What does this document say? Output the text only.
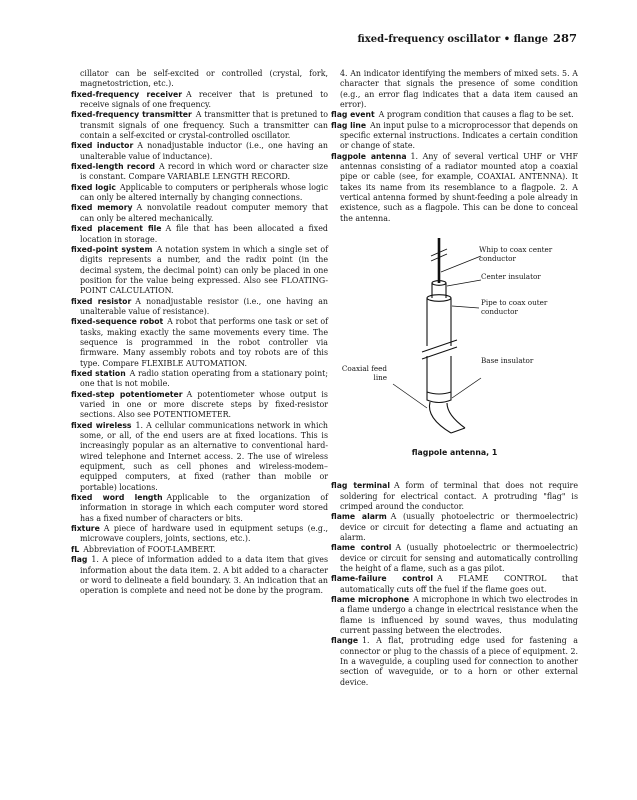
fixed-frequency oscillator • flange 287

cillator can be self-excited or controlled (crystal, fork, magnetostriction, etc.).

fixed-frequency receiver  A receiver that is pretuned to receive signals of one frequency.

fixed-frequency transmitter  A transmitter that is pretuned to transmit signals of one frequency. Such a transmitter can contain a self-excited or crystal-controlled oscillator.

fixed inductor  A nonadjustable inductor (i.e., one having an unalterable value of inductance).

fixed-length record  A record in which word or character size is constant. Compare VARIABLE LENGTH RECORD.

fixed logic  Applicable to computers or peripherals whose logic can only be altered internally by changing connections.

fixed memory  A nonvolatile readout computer memory that can only be altered mechanically.

fixed placement file  A file that has been allocated a fixed location in storage.

fixed-point system  A notation system in which a single set of digits represents a number, and the radix point (in the decimal system, the decimal point) can only be placed in one position for the value being expressed. Also see FLOATING-POINT CALCULATION.

fixed resistor  A nonadjustable resistor (i.e., one having an unalterable value of resistance).

fixed-sequence robot  A robot that performs one task or set of tasks, making exactly the same movements every time. The sequence is programmed in the robot controller via firmware. Many assembly robots and toy robots are of this type. Compare FLEXIBLE AUTOMATION.

fixed station  A radio station operating from a stationary point; one that is not mobile.

fixed-step potentiometer  A potentiometer whose output is varied in one or more discrete steps by fixed-resistor sections. Also see POTENTIOMETER.

fixed wireless  1. A cellular communications network in which some, or all, of the end users are at fixed locations. This is increasingly popular as an alternative to conventional hard-wired telephone and Internet access. 2. The use of wireless equipment, such as cell phones and wireless-modem–equipped computers, at fixed (rather than mobile or portable) locations.

fixed word length  Applicable to the organization of information in storage in which each computer word stored has a fixed number of characters or bits.

fixture  A piece of hardware used in equipment setups (e.g., microwave couplers, joints, sections, etc.).

fL  Abbreviation of FOOT-LAMBERT.

flag  1. A piece of information added to a data item that gives information about the data item. 2. A bit added to a character or word to delineate a field boundary. 3. An indication that an operation is complete and need not be done by the program.

4. An indicator identifying the members of mixed sets. 5. A character that signals the presence of some condition (e.g., an error flag indicates that a data item caused an error).

flag event  A program condition that causes a flag to be set.

flag line  An input pulse to a microprocessor that depends on specific external instructions. Indicates a certain condition or change of state.

flagpole antenna  1. Any of several vertical UHF or VHF antennas consisting of a radiator mounted atop a coaxial pipe or cable (see, for example, COAXIAL ANTENNA). It takes its name from its resemblance to a flagpole. 2. A vertical antenna formed by shunt-feeding a pole already in existence, such as a flagpole. This can be done to conceal the antenna.

Whip to coax center conductor
Center insulator
Pipe to coax outer conductor
Base insulator
Coaxial feed line
flagpole antenna, 1

flag terminal  A form of terminal that does not require soldering for electrical contact. A protruding "flag" is crimped around the conductor.

flame alarm  A (usually photoelectric or thermoelectric) device or circuit for detecting a flame and actuating an alarm.

flame control  A (usually photoelectric or thermoelectric) device or circuit for sensing and automatically controlling the height of a flame, such as a gas pilot.

flame-failure control  A FLAME CONTROL that automatically cuts off the fuel if the flame goes out.

flame microphone  A microphone in which two electrodes in a flame undergo a change in electrical resistance when the flame is influenced by sound waves, thus modulating current passing between the electrodes.

flange  1. A flat, protruding edge used for fastening a connector or plug to the chassis of a piece of equipment. 2. In a waveguide, a coupling used for connection to another section of waveguide, or to a horn or other external device.
